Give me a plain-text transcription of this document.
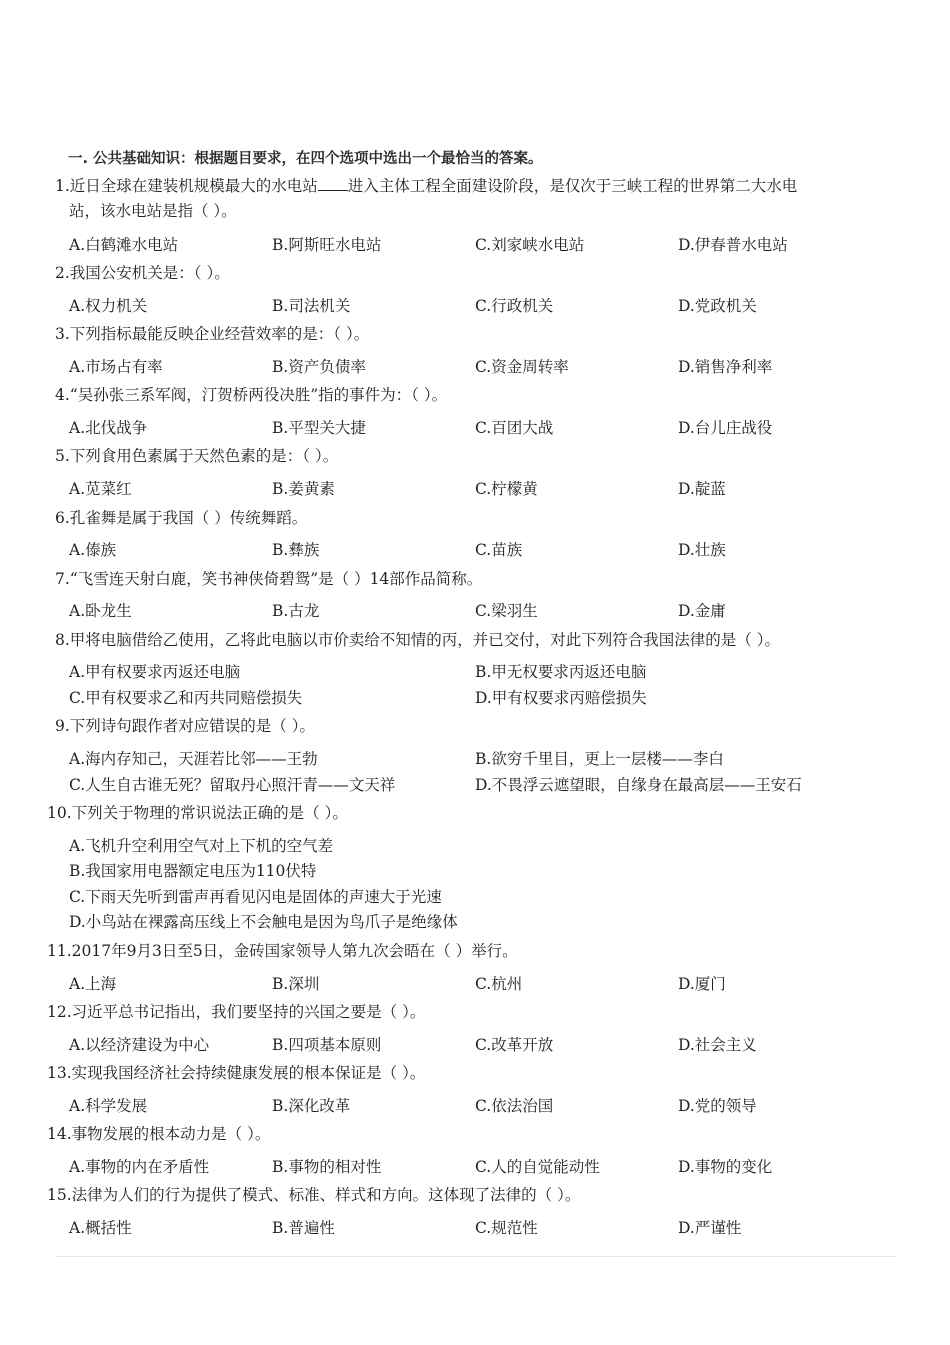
一. 公共基础知识：根据题目要求，在四个选项中选出一个最恰当的答案。
1.近日全球在建装机规模最大的水电站 进入主体工程全面建设阶段，是仅次于三峡工程的世界第二大水电
站，该水电站是指（ ）。
A.白鹤滩水电站	B.阿斯旺水电站	C.刘家峡水电站	D.伊春普水电站
2.我国公安机关是：（ ）。
A.权力机关	B.司法机关	C.行政机关	D.党政机关
3.下列指标最能反映企业经营效率的是：（ ）。
A.市场占有率	B.资产负债率	C.资金周转率	D.销售净利率
4.“吴孙张三系军阀，汀贺桥两役决胜”指的事件为：（ ）。
A.北伐战争	B.平型关大捷	C.百团大战	D.台儿庄战役
5.下列食用色素属于天然色素的是：（ ）。
A.苋菜红	B.姜黄素	C.柠檬黄	D.靛蓝
6.孔雀舞是属于我国（ ）传统舞蹈。
A.傣族	B.彝族	C.苗族	D.壮族
7.“飞雪连天射白鹿，笑书神侠倚碧鸳”是（ ）14部作品简称。
A.卧龙生	B.古龙	C.梁羽生	D.金庸
8.甲将电脑借给乙使用，乙将此电脑以市价卖给不知情的丙，并已交付，对此下列符合我国法律的是（ ）。
A.甲有权要求丙返还电脑	B.甲无权要求丙返还电脑
C.甲有权要求乙和丙共同赔偿损失	D.甲有权要求丙赔偿损失
9.下列诗句跟作者对应错误的是（ ）。
A.海内存知己，天涯若比邻——王勃	B.欲穷千里目，更上一层楼——李白
C.人生自古谁无死？留取丹心照汗青——文天祥	D.不畏浮云遮望眼，自缘身在最高层——王安石
10.下列关于物理的常识说法正确的是（ ）。
A.飞机升空利用空气对上下机的空气差
B.我国家用电器额定电压为110伏特
C.下雨天先听到雷声再看见闪电是固体的声速大于光速
D.小鸟站在裸露高压线上不会触电是因为鸟爪子是绝缘体
11.2017年9月3日至5日，金砖国家领导人第九次会晤在（ ）举行。
A.上海	B.深圳	C.杭州	D.厦门
12.习近平总书记指出，我们要坚持的兴国之要是（ ）。
A.以经济建设为中心	B.四项基本原则	C.改革开放	D.社会主义
13.实现我国经济社会持续健康发展的根本保证是（ ）。
A.科学发展	B.深化改革	C.依法治国	D.党的领导
14.事物发展的根本动力是（ ）。
A.事物的内在矛盾性	B.事物的相对性	C.人的自觉能动性	D.事物的变化
15.法律为人们的行为提供了模式、标准、样式和方向。这体现了法律的（ ）。
A.概括性	B.普遍性	C.规范性	D.严谨性
